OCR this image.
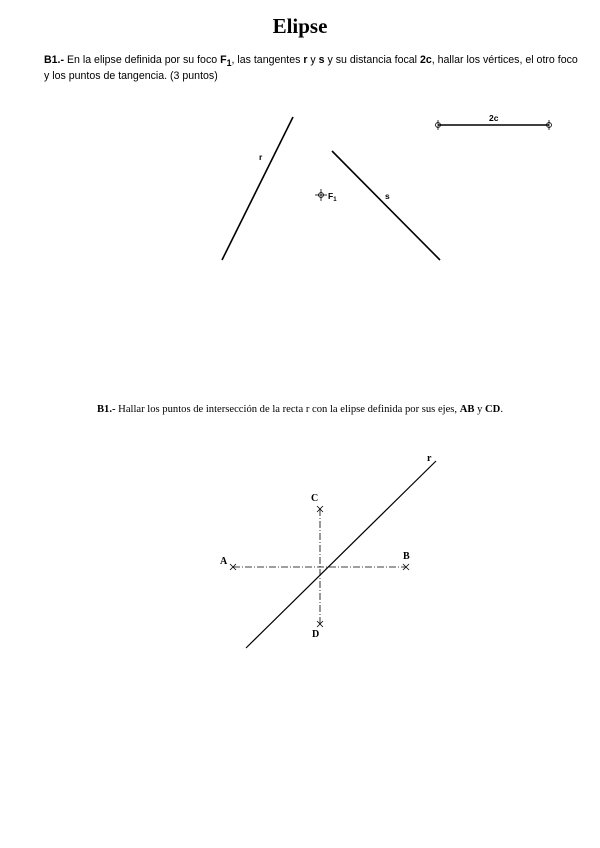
Elipse
B1.- En la elipse definida por su foco $F_1$, las tangentes r y s y su distancia focal 2c, hallar los vértices, el otro foco y los puntos de tangencia. (3 puntos)
r
s
$F_1$
2c
B1.- Hallar los puntos de intersección de la recta r con la elipse definida por sus ejes, AB y CD.
r
A	B
C
D
